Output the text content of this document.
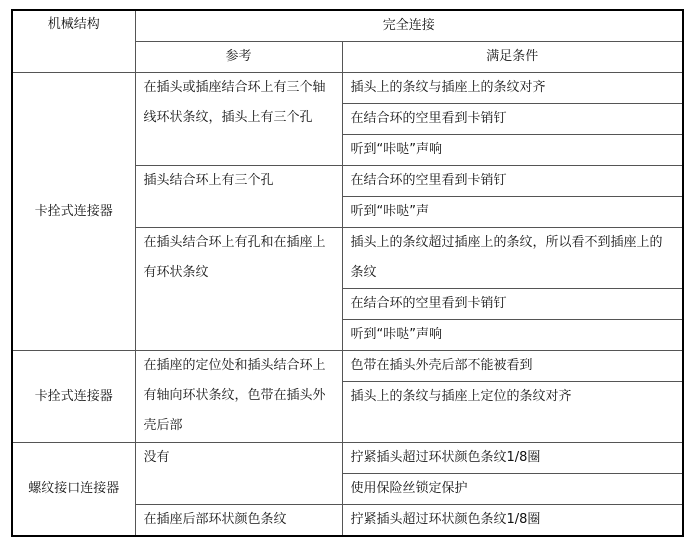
机械结构	完全连接	
	参考	满足条件
卡拴式连接器	在插头或插座结合环上有三个轴线环状条纹，插头上有三个孔	插头上的条纹与插座上的条纹对齐
		在结合环的空里看到卡销钉
		听到“咔哒”声响
	插头结合环上有三个孔	在结合环的空里看到卡销钉
		听到“咔哒”声
	在插头结合环上有孔和在插座上有环状条纹	插头上的条纹超过插座上的条纹，所以看不到插座上的条纹
		在结合环的空里看到卡销钉
		听到“咔哒”声响
卡拴式连接器	在插座的定位处和插头结合环上有轴向环状条纹，色带在插头外壳后部	色带在插头外壳后部不能被看到
		插头上的条纹与插座上定位的条纹对齐
螺纹接口连接器	没有	拧紧插头超过环状颜色条纹1/8圈
		使用保险丝锁定保护
	在插座后部环状颜色条纹	拧紧插头超过环状颜色条纹1/8圈
